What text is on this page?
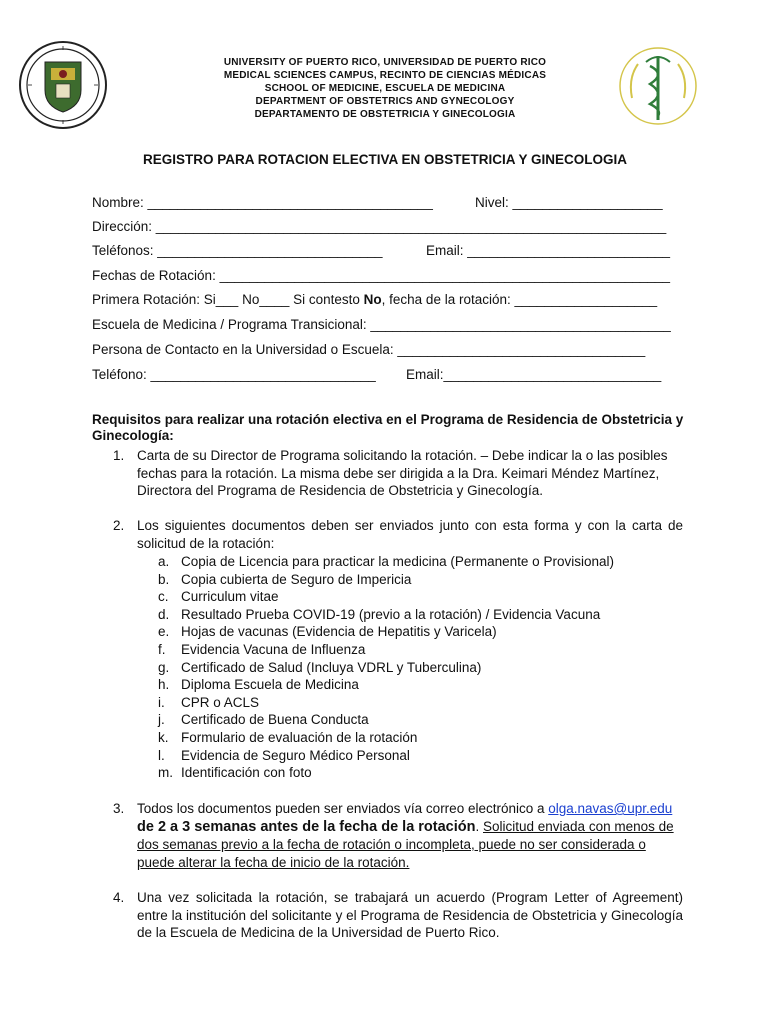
UNIVERSITY OF PUERTO RICO, UNIVERSIDAD DE PUERTO RICO
MEDICAL SCIENCES CAMPUS, RECINTO DE CIENCIAS MÉDICAS
SCHOOL OF MEDICINE, ESCUELA DE MEDICINA
DEPARTMENT OF OBSTETRICS AND GYNECOLOGY
DEPARTAMENTO DE OBSTETRICIA Y GINECOLOGIA
REGISTRO PARA ROTACION ELECTIVA EN OBSTETRICIA Y GINECOLOGIA
Nombre: ______________________________________	Nivel: ____________________
Dirección: ____________________________________________________________________
Teléfonos: ______________________________	Email: ___________________________
Fechas de Rotación: ____________________________________________________________
Primera Rotación: Si___ No____ Si contesto No, fecha de la rotación: ___________________
Escuela de Medicina / Programa Transicional: ________________________________________
Persona de Contacto en la Universidad o Escuela: _________________________________
Teléfono: ______________________________ Email:_____________________________
Requisitos para realizar una rotación electiva en el Programa de Residencia de Obstetricia y Ginecología:
1. Carta de su Director de Programa solicitando la rotación. – Debe indicar la o las posibles fechas para la rotación. La misma debe ser dirigida a la Dra. Keimari Méndez Martínez, Directora del Programa de Residencia de Obstetricia y Ginecología.
2. Los siguientes documentos deben ser enviados junto con esta forma y con la carta de solicitud de la rotación:
a. Copia de Licencia para practicar la medicina (Permanente o Provisional)
b. Copia cubierta de Seguro de Impericia
c. Curriculum vitae
d. Resultado Prueba COVID-19 (previo a la rotación) / Evidencia Vacuna
e. Hojas de vacunas (Evidencia de Hepatitis y Varicela)
f. Evidencia Vacuna de Influenza
g. Certificado de Salud (Incluya VDRL y Tuberculina)
h. Diploma Escuela de Medicina
i. CPR o ACLS
j. Certificado de Buena Conducta
k. Formulario de evaluación de la rotación
l. Evidencia de Seguro Médico Personal
m. Identificación con foto
3. Todos los documentos pueden ser enviados vía correo electrónico a olga.navas@upr.edu de 2 a 3 semanas antes de la fecha de la rotación. Solicitud enviada con menos de dos semanas previo a la fecha de rotación o incompleta, puede no ser considerada o puede alterar la fecha de inicio de la rotación.
4. Una vez solicitada la rotación, se trabajará un acuerdo (Program Letter of Agreement) entre la institución del solicitante y el Programa de Residencia de Obstetricia y Ginecología de la Escuela de Medicina de la Universidad de Puerto Rico.
